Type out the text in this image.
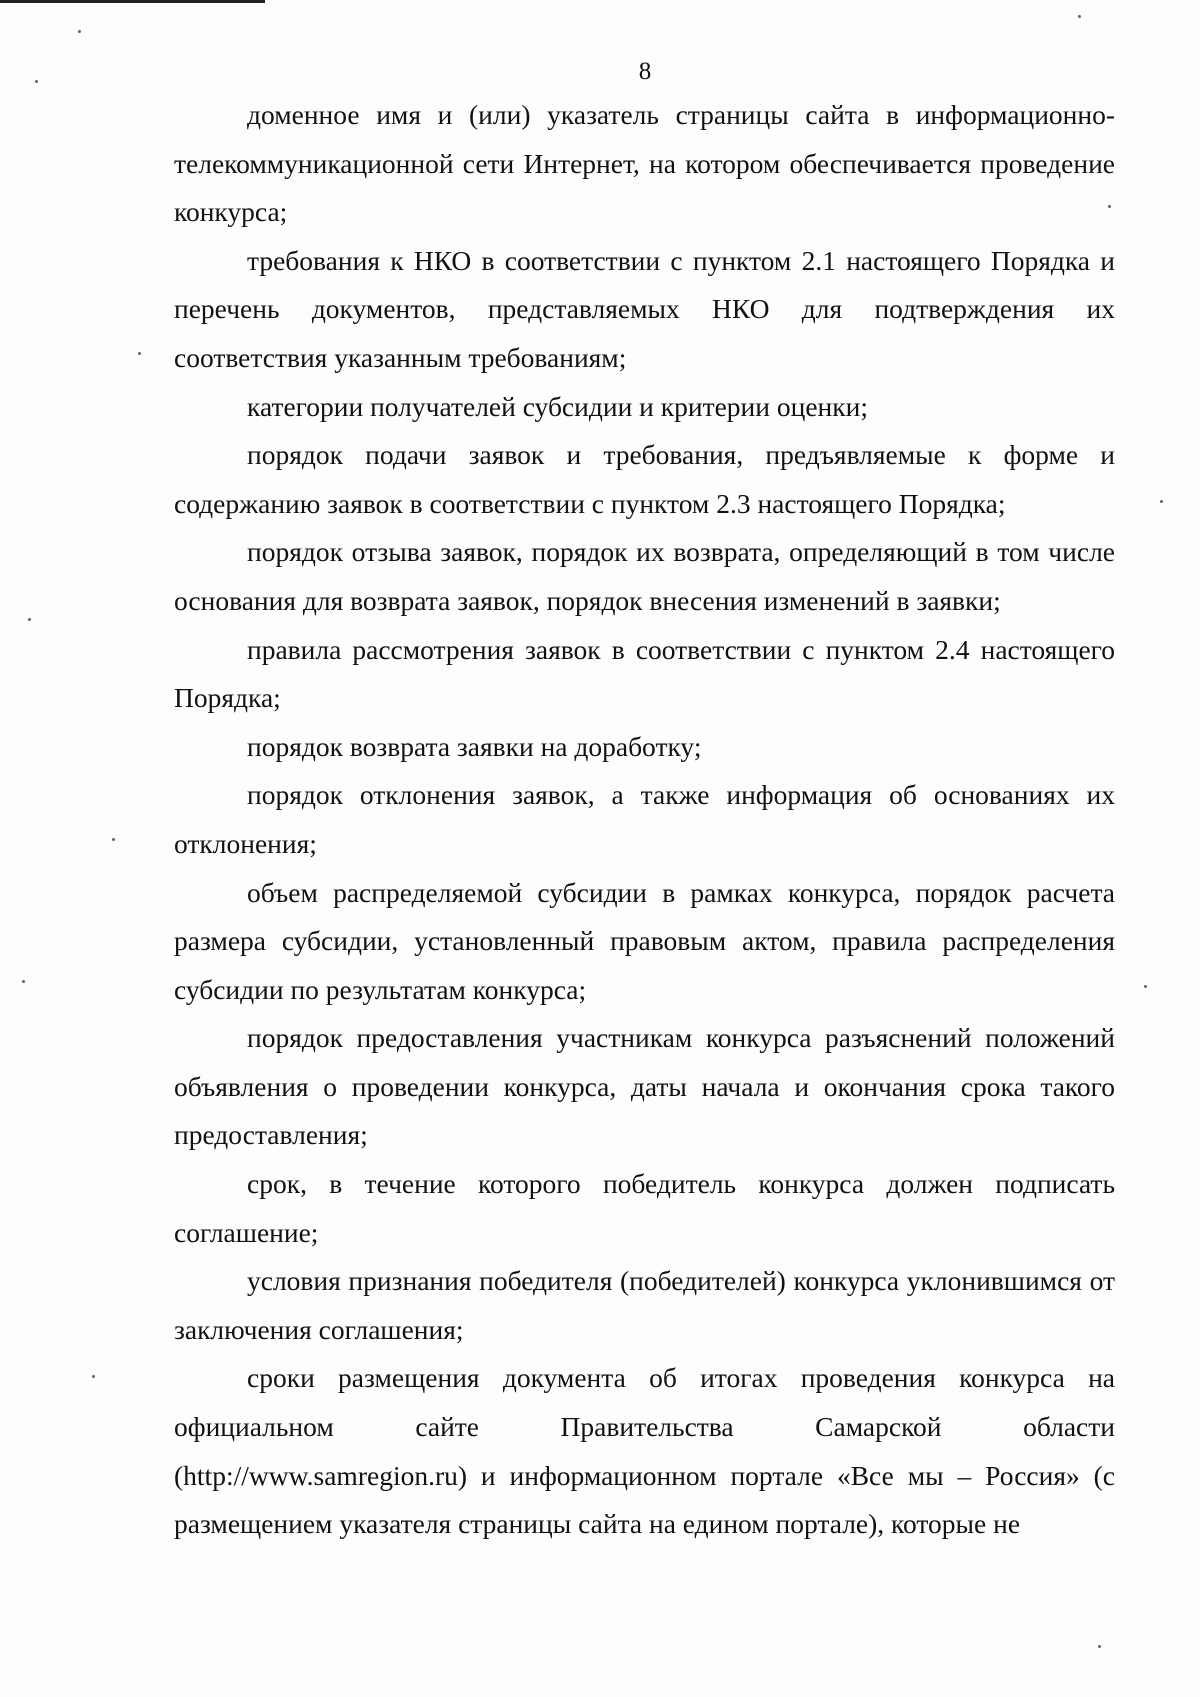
8

доменное имя и (или) указатель страницы сайта в информационно-телекоммуникационной сети Интернет, на котором обеспечивается проведение конкурса;

требования к НКО в соответствии с пунктом 2.1 настоящего Порядка и перечень документов, представляемых НКО для подтверждения их соответствия указанным требованиям;

категории получателей субсидии и критерии оценки;

порядок подачи заявок и требования, предъявляемые к форме и содержанию заявок в соответствии с пунктом 2.3 настоящего Порядка;

порядок отзыва заявок, порядок их возврата, определяющий в том числе основания для возврата заявок, порядок внесения изменений в заявки;

правила рассмотрения заявок в соответствии с пунктом 2.4 настоящего Порядка;

порядок возврата заявки на доработку;

порядок отклонения заявок, а также информация об основаниях их отклонения;

объем распределяемой субсидии в рамках конкурса, порядок расчета размера субсидии, установленный правовым актом, правила распределения субсидии по результатам конкурса;

порядок предоставления участникам конкурса разъяснений положений объявления о проведении конкурса, даты начала и окончания срока такого предоставления;

срок, в течение которого победитель конкурса должен подписать соглашение;

условия признания победителя (победителей) конкурса уклонившимся от заключения соглашения;

сроки размещения документа об итогах проведения конкурса на официальном сайте Правительства Самарской области (http://www.samregion.ru) и информационном портале «Все мы – Россия» (с размещением указателя страницы сайта на едином портале), которые не
